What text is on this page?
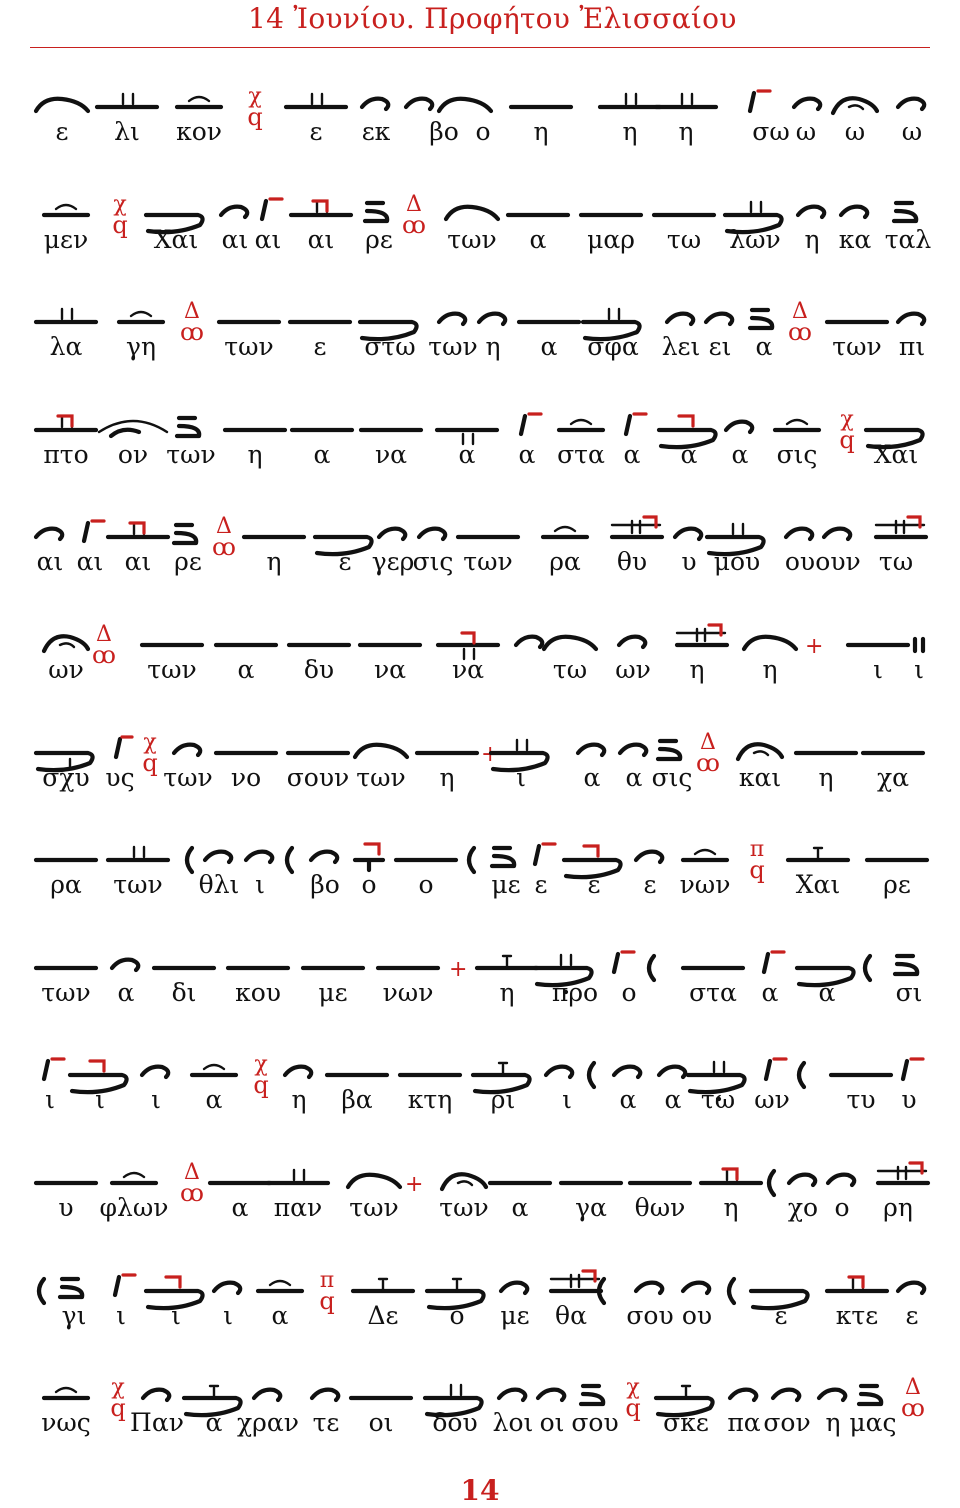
14 Ἰουνίου. Προφήτου Ἐλισσαίου
χ
q
ε λι κον	ε εκ βο ο η	η η σω ω ω ω
χ
q
Δ
ꚙ
μεν	Χαι αι αι αι ρε των α μαρ τω λων η κα ταλ
Δ
ꚙ
Δ
ꚙ
λα γη	των ε στω των η α σφα λει ει α των πι
χ
q
πτο ον των η α να α α στα α α α σις Χαι
Δ
ꚙ
αι αι αι ρε	η ε γερ
σις των ρα θυ υ μου ου ουν τω
+
Δ
ꚙ
ων	των α δυ να να	τω ων η η	ι ι
+
χ
q
Δ
ꚙ
σχυ υς των νο σουν των η ι α α σις και η χα
π
q
ρα των θλι ι βο ο ο με ε ε ε νων	Χαι ρε
+
των α δι κου με νων	η προ ο στα α α σι
χ
q
ι ι ι α	η βα κτη ρι ι α α τω ων τυ υ
+
Δ
ꚙ
υ φλων	α παν των των α γα θων η χο ο ρη
π
q
γι ι ι ι α	Δε ο με θα σου ου ε κτε ε
χ
q
χ
q
Δ
ꚙ
νως Παν α χραν τε οι δου λοι οι σου σκε πα σον η μας
14
